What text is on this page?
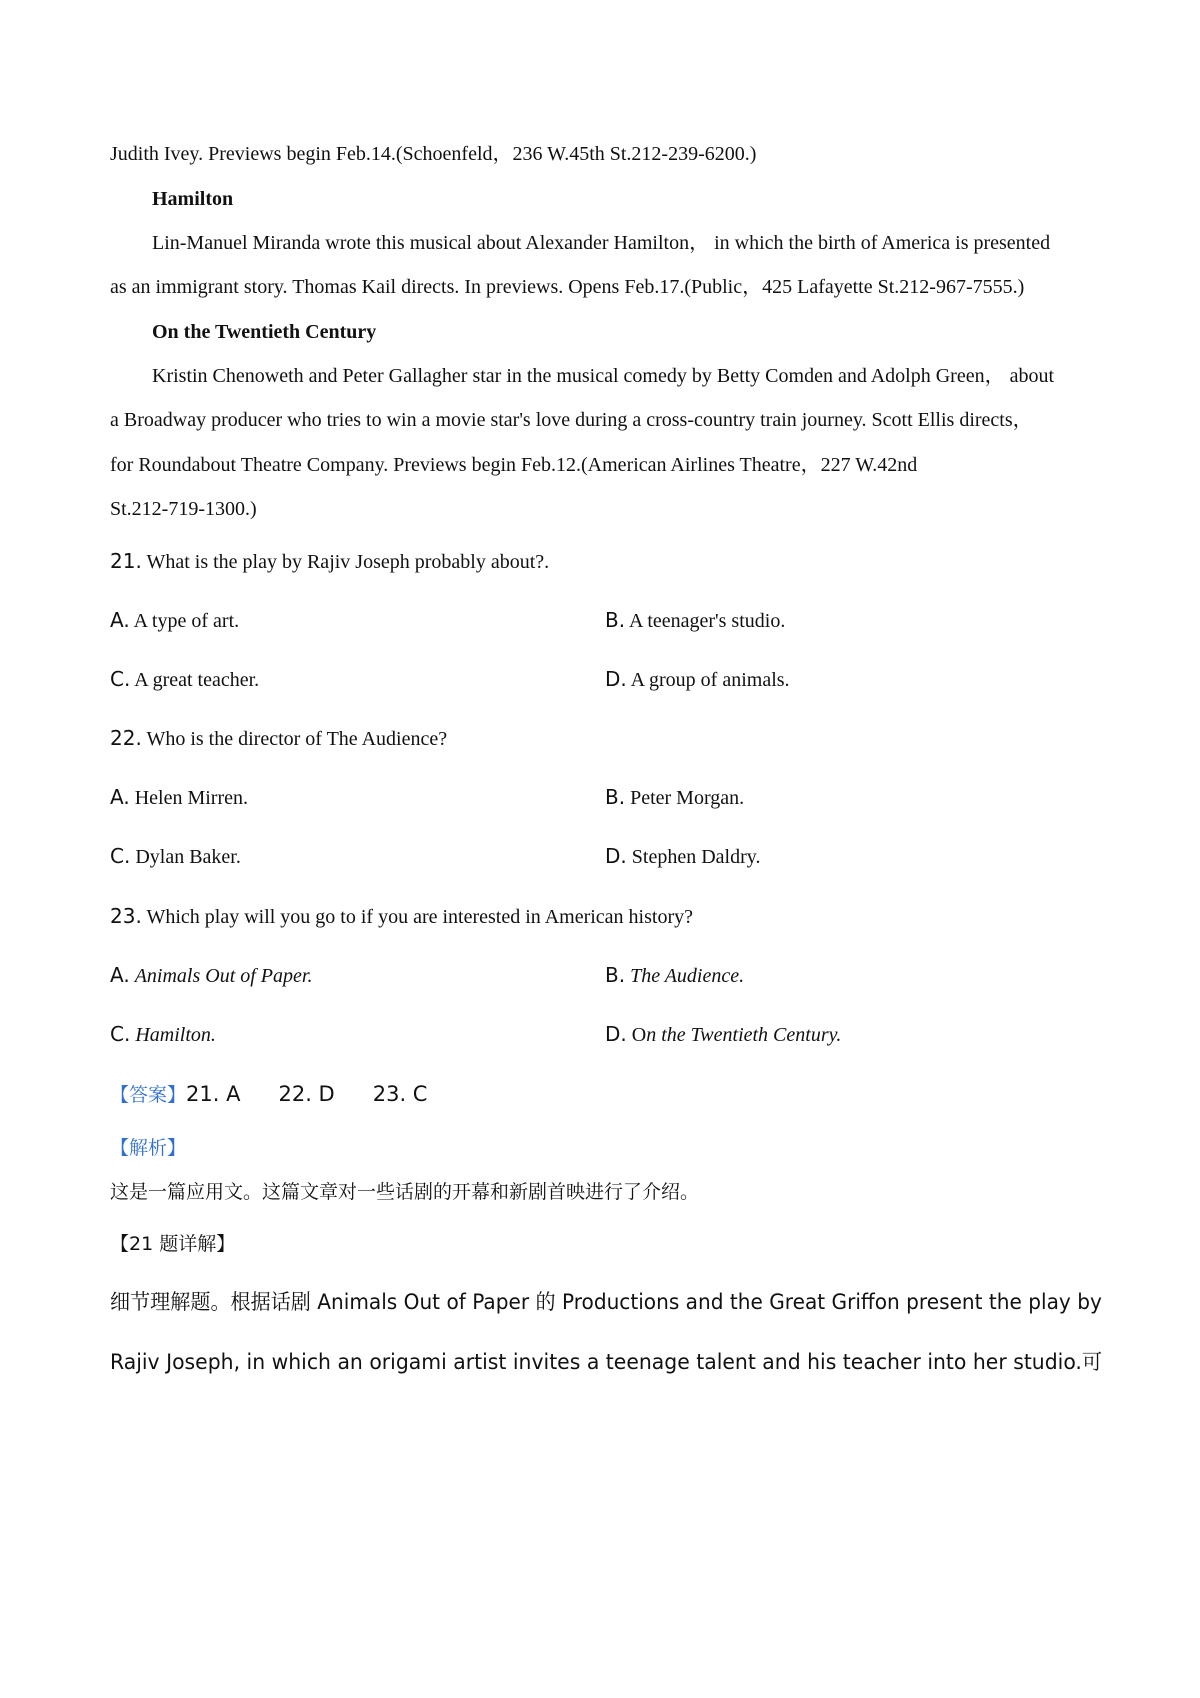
Judith Ivey. Previews begin Feb.14.(Schoenfeld，236 W.45th St.212-239-6200.)
Hamilton
Lin-Manuel Miranda wrote this musical about Alexander Hamilton， in which the birth of America is presented
as an immigrant story. Thomas Kail directs. In previews. Opens Feb.17.(Public，425 Lafayette St.212-967-7555.)
On the Twentieth Century
Kristin Chenoweth and Peter Gallagher star in the musical comedy by Betty Comden and Adolph Green， about
a Broadway producer who tries to win a movie star's love during a cross-country train journey. Scott Ellis directs，
for Roundabout Theatre Company. Previews begin Feb.12.(American Airlines Theatre，227 W.42nd
St.212-719-1300.)
21. What is the play by Rajiv Joseph probably about?.
A. A type of art.	B. A teenager's studio.
C. A great teacher.	D. A group of animals.
22. Who is the director of The Audience?
A. Helen Mirren.	B. Peter Morgan.
C. Dylan Baker.	D. Stephen Daldry.
23. Which play will you go to if you are interested in American history?
A. Animals Out of Paper.	B. The Audience.
C. Hamilton.	D. On the Twentieth Century.
【答案】21. A 22. D 23. C
【解析】
这是一篇应用文。这篇文章对一些话剧的开幕和新剧首映进行了介绍。
【21 题详解】
细节理解题。根据话剧 Animals Out of Paper 的 Productions and the Great Griffon present the play by
Rajiv Joseph, in which an origami artist invites a teenage talent and his teacher into her studio.可
